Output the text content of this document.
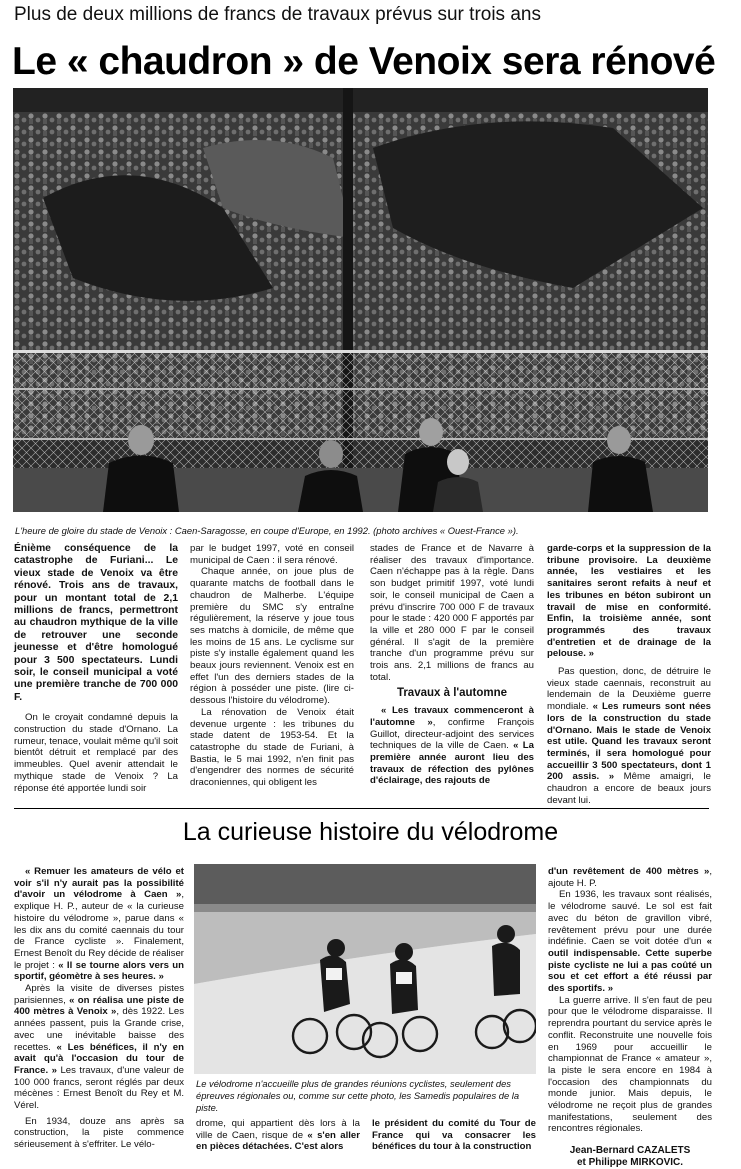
Plus de deux millions de francs de travaux prévus sur trois ans
Le « chaudron » de Venoix sera rénové
L'heure de gloire du stade de Venoix : Caen-Saragosse, en coupe d'Europe, en 1992. (photo archives « Ouest-France »).

Énième conséquence de la catastrophe de Furiani... Le vieux stade de Venoix va être rénové. Trois ans de travaux, pour un montant total de 2,1 millions de francs, permettront au chaudron mythique de la ville de retrouver une seconde jeunesse et d'être homologué pour 3 500 spectateurs. Lundi soir, le conseil municipal a voté une première tranche de 700 000 F.

On le croyait condamné depuis la construction du stade d'Ornano. La rumeur, tenace, voulait même qu'il soit bientôt détruit et remplacé par des immeubles. Quel avenir attendait le mythique stade de Venoix ? La réponse été apportée lundi soir

par le budget 1997, voté en conseil municipal de Caen : il sera rénové.

Chaque année, on joue plus de quarante matchs de football dans le chaudron de Malherbe. L'équipe première du SMC s'y entraîne régulièrement, la réserve y joue tous ses matchs à domicile, de même que les moins de 15 ans. Le cyclisme sur piste s'y installe également quand les beaux jours reviennent. Venoix est en effet l'un des derniers stades de la région à posséder une piste. (lire ci-dessous l'histoire du vélodrome).

La rénovation de Venoix était devenue urgente : les tribunes du stade datent de 1953-54. Et la catastrophe du stade de Furiani, à Bastia, le 5 mai 1992, n'en finit pas d'engendrer des normes de sécurité draconiennes, qui obligent les

stades de France et de Navarre à réaliser des travaux d'importance. Caen n'échappe pas à la règle. Dans son budget primitif 1997, voté lundi soir, le conseil municipal de Caen a prévu d'inscrire 700 000 F de travaux pour le stade : 420 000 F apportés par la ville et 280 000 F par le conseil général. Il s'agit de la première tranche d'un programme prévu sur trois ans. 2,1 millions de francs au total.

Travaux à l'automne

« Les travaux commenceront à l'automne », confirme François Guillot, directeur-adjoint des services techniques de la ville de Caen. « La première année auront lieu des travaux de réfection des pylônes d'éclairage, des rajouts de

garde-corps et la suppression de la tribune provisoire. La deuxième année, les vestiaires et les sanitaires seront refaits à neuf et les tribunes en béton subiront un travail de mise en conformité. Enfin, la troisième année, sont programmés des travaux d'entretien et de drainage de la pelouse. »

Pas question, donc, de détruire le vieux stade caennais, reconstruit au lendemain de la Deuxième guerre mondiale. « Les rumeurs sont nées lors de la construction du stade d'Ornano. Mais le stade de Venoix est utile. Quand les travaux seront terminés, il sera homologué pour accueillir 3 500 spectateurs, dont 1 200 assis. » Même amaigri, le chaudron a encore de beaux jours devant lui.

La curieuse histoire du vélodrome
Le vélodrome n'accueille plus de grandes réunions cyclistes, seulement des épreuves régionales ou, comme sur cette photo, les Samedis populaires de la piste.

« Remuer les amateurs de vélo et voir s'il n'y aurait pas la possibilité d'avoir un vélodrome à Caen », explique H. P., auteur de « la curieuse histoire du vélodrome », parue dans « les dix ans du comité caennais du tour de France cycliste ». Finalement, Ernest Benoît du Rey décide de réaliser le projet : « Il se tourne alors vers un sportif, géomètre à ses heures. »

Après la visite de diverses pistes parisiennes, « on réalisa une piste de 400 mètres à Venoix », dès 1922. Les années passent, puis la Grande crise, avec une inévitable baisse des recettes. « Les bénéfices, il n'y en avait qu'à l'occasion du tour de France. » Les travaux, d'une valeur de 100 000 francs, seront réglés par deux mécènes : Ernest Benoît du Rey et M. Vérel.

En 1934, douze ans après sa construction, la piste commence sérieusement à s'effriter. Le vélo-

drome, qui appartient dès lors à la ville de Caen, risque de « s'en aller en pièces détachées. C'est alors

le président du comité du Tour de France qui va consacrer les bénéfices du tour à la construction

d'un revêtement de 400 mètres », ajoute H. P.

En 1936, les travaux sont réalisés, le vélodrome sauvé. Le sol est fait avec du béton de gravillon vibré, revêtement prévu pour une durée indéfinie. Caen se voit dotée d'un « outil indispensable. Cette superbe piste cycliste ne lui a pas coûté un sou et cet effort a été réussi par des sportifs. »

La guerre arrive. Il s'en faut de peu pour que le vélodrome disparaisse. Il reprendra pourtant du service après le conflit. Reconstruite une nouvelle fois en 1969 pour accueillir le championnat de France « amateur », la piste le sera encore en 1984 à l'occasion des championnats du monde junior. Mais depuis, le vélodrome ne reçoit plus de grandes manifestations, seulement des rencontres régionales.

Jean-Bernard CAZALETS
et Philippe MIRKOVIC.
